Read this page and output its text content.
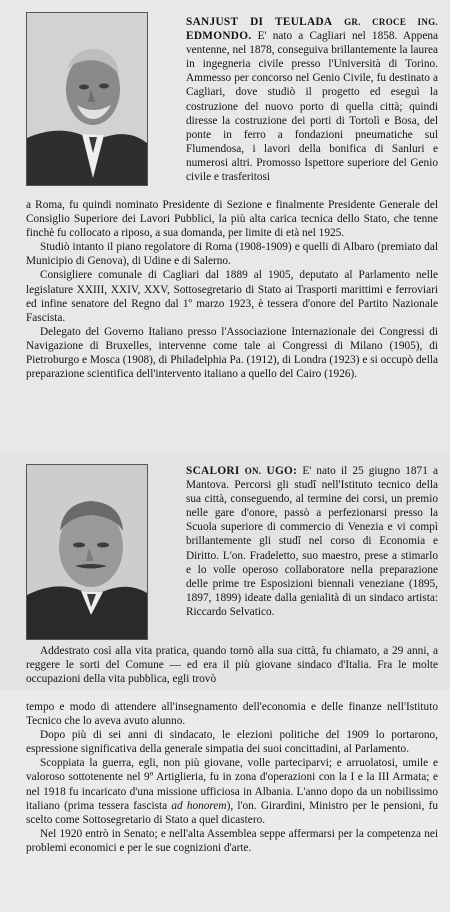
SANJUST DI TEULADA GR. CROCE ING. EDMONDO. E' nato a Cagliari nel 1858. Appena ventenne, nel 1878, conseguiva brillantemente la laurea in ingegneria civile presso l'Università di Torino. Ammesso per concorso nel Genio Civile, fu destinato a Cagliari, dove studiò il progetto ed eseguì la costruzione del nuovo porto di quella città; quindi diresse la costruzione dei porti di Tortolì e Bosa, del ponte in ferro a fondazioni pneumatiche sul Flumendosa, i lavori della bonifica di Sanluri e numerosi altri. Promosso Ispettore superiore del Genio civile e trasferitosi

a Roma, fu quindi nominato Presidente di Sezione e finalmente Presidente Generale del Consiglio Superiore dei Lavori Pubblici, la più alta carica tecnica dello Stato, che tenne finchè fu collocato a riposo, a sua domanda, per limite di età nel 1925.
Studiò intanto il piano regolatore di Roma (1908-1909) e quelli di Albaro (premiato dal Municipio di Genova), di Udine e di Salerno.
Consigliere comunale di Cagliari dal 1889 al 1905, deputato al Parlamento nelle legislature XXIII, XXIV, XXV, Sottosegretario di Stato ai Trasporti marittimi e ferroviari ed infine senatore del Regno dal 1º marzo 1923, è tessera d'onore del Partito Nazionale Fascista.
Delegato del Governo Italiano presso l'Associazione Internazionale dei Congressi di Navigazione di Bruxelles, intervenne come tale ai Congressi di Milano (1905), di Pietroburgo e Mosca (1908), di Philadelphia Pa. (1912), di Londra (1923) e si occupò della preparazione scientifica dell'intervento italiano a quello del Cairo (1926).

SCALORI ON. UGO: E' nato il 25 giugno 1871 a Mantova. Percorsi gli studî nell'Istituto tecnico della sua città, conseguendo, al termine dei corsi, un premio nelle gare d'onore, passò a perfezionarsi presso la Scuola superiore di commercio di Venezia e vi compì brillantemente gli studî nel corso di Economia e Diritto. L'on. Fradeletto, suo maestro, prese a stimarlo e lo volle operoso collaboratore nella preparazione delle prime tre Esposizioni biennali veneziane (1895, 1897, 1899) ideate dalla genialità di un sindaco artista: Riccardo Selvatico.

Addestrato così alla vita pratica, quando tornò alla sua città, fu chiamato, a 29 anni, a reggere le sorti del Comune — ed era il più giovane sindaco d'Italia. Fra le molte occupazioni della vita pubblica, egli trovò

tempo e modo di attendere all'insegnamento dell'economia e delle finanze nell'Istituto Tecnico che lo aveva avuto alunno.
Dopo più di sei anni di sindacato, le elezioni politiche del 1909 lo portarono, espressione significativa della generale simpatia dei suoi concittadini, al Parlamento.
Scoppiata la guerra, egli, non più giovane, volle parteciparvi; e arruolatosi, umile e valoroso sottotenente nel 9º Artiglieria, fu in zona d'operazioni con la I e la III Armata; e nel 1918 fu incaricato d'una missione ufficiosa in Albania. L'anno dopo da un nobilissimo italiano (prima tessera fascista ad honorem), l'on. Girardini, Ministro per le pensioni, fu scelto come Sottosegretario di Stato a quel dicastero.
Nel 1920 entrò in Senato; e nell'alta Assemblea seppe affermarsi per la competenza nei problemi economici e per le sue cognizioni d'arte.
